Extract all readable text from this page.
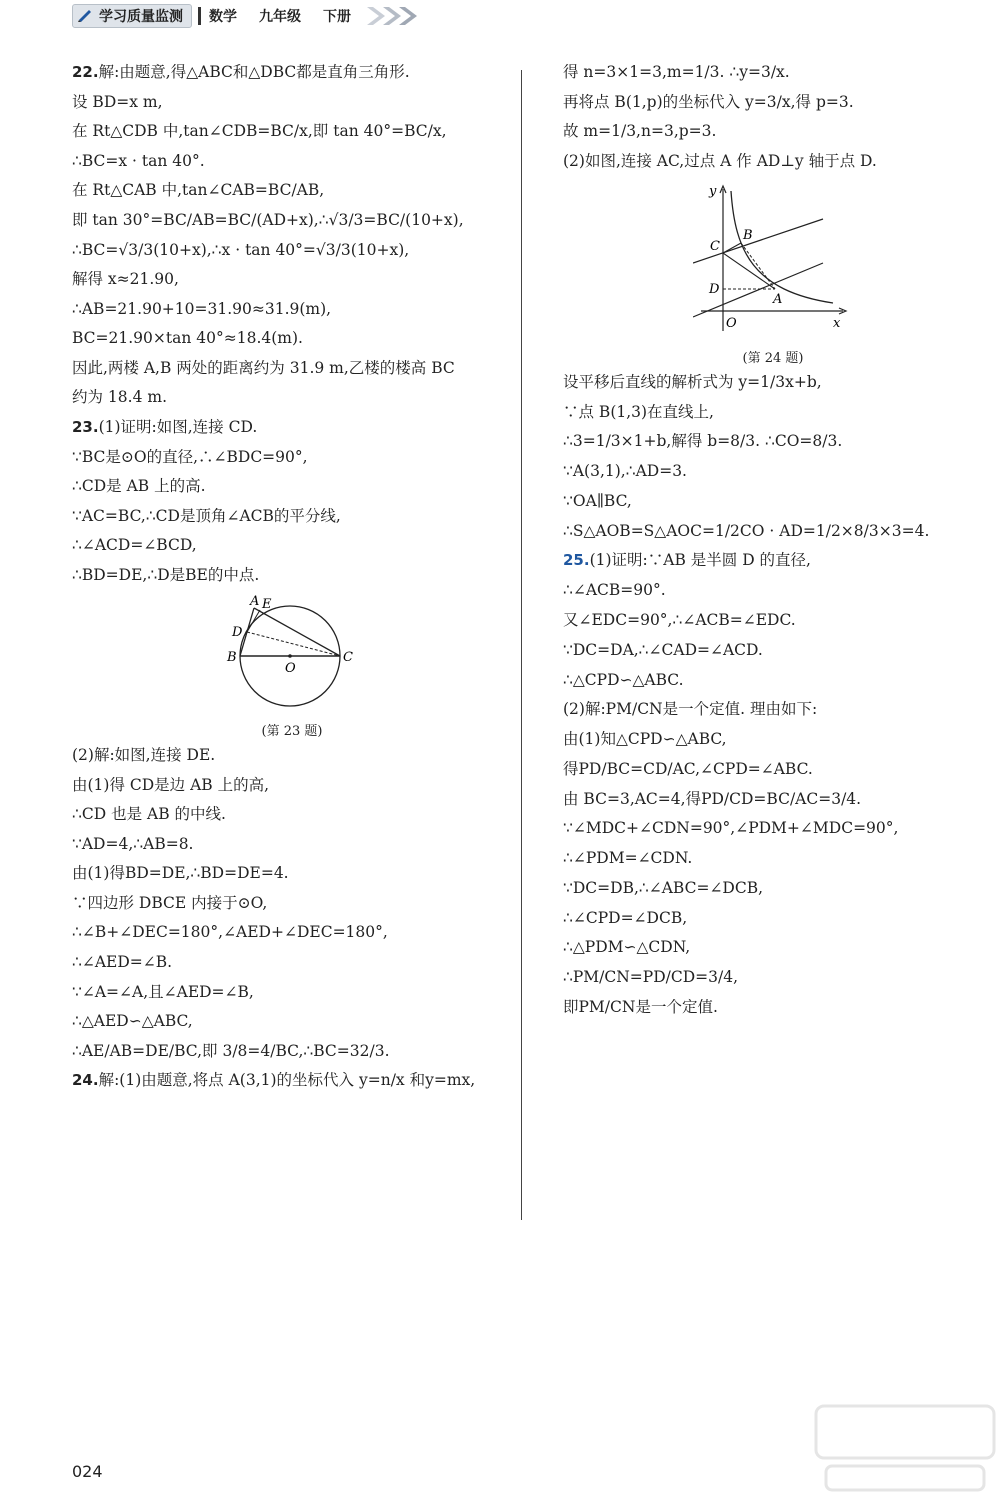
学习质量监测	数学 九年级 下册

22.解:由题意,得△ABC和△DBC都是直角三角形.

设 BD=x m,

在 Rt△CDB 中,tan∠CDB=BC/x,即 tan 40°=BC/x,

∴BC=x · tan 40°.

在 Rt△CAB 中,tan∠CAB=BC/AB,

即 tan 30°=BC/AB=BC/(AD+x),∴√3/3=BC/(10+x),

∴BC=√3/3(10+x),∴x · tan 40°=√3/3(10+x),

解得 x≈21.90,

∴AB=21.90+10=31.90≈31.9(m),

BC=21.90×tan 40°≈18.4(m).

因此,两楼 A,B 两处的距离约为 31.9 m,乙楼的楼高 BC

约为 18.4 m.

23.(1)证明:如图,连接 CD.

∵BC是⊙O的直径,∴∠BDC=90°,

∴CD是 AB 上的高.

∵AC=BC,∴CD是顶角∠ACB的平分线,

∴∠ACD=∠BCD,

∴BD=DE,∴D是BE的中点.

A E
D
B
O
C

(第 23 题)

(2)解:如图,连接 DE.

由(1)得 CD是边 AB 上的高,

∴CD 也是 AB 的中线.

∵AD=4,∴AB=8.

由(1)得BD=DE,∴BD=DE=4.

∵四边形 DBCE 内接于⊙O,

∴∠B+∠DEC=180°,∠AED+∠DEC=180°,

∴∠AED=∠B.

∵∠A=∠A,且∠AED=∠B,

∴△AED∽△ABC,

∴AE/AB=DE/BC,即 3/8=4/BC,∴BC=32/3.

24.解:(1)由题意,将点 A(3,1)的坐标代入 y=n/x 和y=mx,

得 n=3×1=3,m=1/3. ∴y=3/x.

再将点 B(1,p)的坐标代入 y=3/x,得 p=3.

故 m=1/3,n=3,p=3.

(2)如图,连接 AC,过点 A 作 AD⊥y 轴于点 D.

y
C
B
D
A
O	x

(第 24 题)

设平移后直线的解析式为 y=1/3x+b,

∵点 B(1,3)在直线上,

∴3=1/3×1+b,解得 b=8/3. ∴CO=8/3.

∵A(3,1),∴AD=3.

∵OA∥BC,

∴S△AOB=S△AOC=1/2CO · AD=1/2×8/3×3=4.

25.(1)证明:∵AB 是半圆 D 的直径,

∴∠ACB=90°.

又∠EDC=90°,∴∠ACB=∠EDC.

∵DC=DA,∴∠CAD=∠ACD.

∴△CPD∽△ABC.

(2)解:PM/CN是一个定值. 理由如下:

由(1)知△CPD∽△ABC,

得PD/BC=CD/AC,∠CPD=∠ABC.

由 BC=3,AC=4,得PD/CD=BC/AC=3/4.

∵∠MDC+∠CDN=90°,∠PDM+∠MDC=90°,

∴∠PDM=∠CDN.

∵DC=DB,∴∠ABC=∠DCB,

∴∠CPD=∠DCB,

∴△PDM∽△CDN,

∴PM/CN=PD/CD=3/4,

即PM/CN是一个定值.

024
